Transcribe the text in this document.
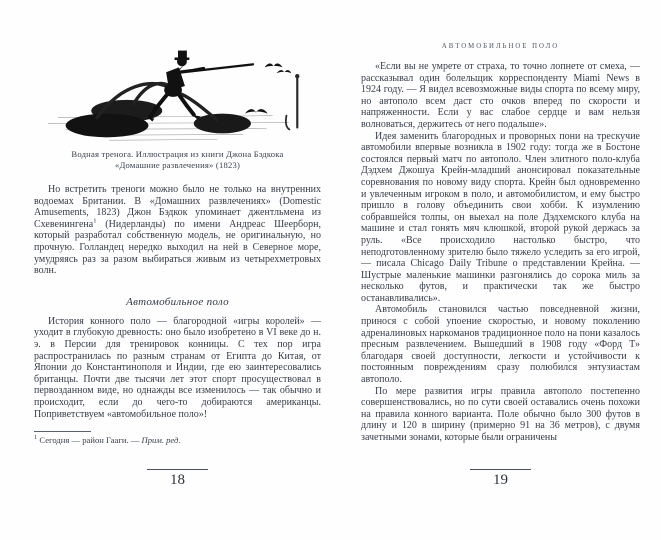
Водная тренога. Иллюстрация из книги Джона Бэдкока
«Домашние развлечения» (1823)

Но встретить треноги можно было не только на внутренних водоемах Британии. В «Домашних развлечениях» (Domestic Amusements, 1823) Джон Бэдкок упоминает джентльмена из Схевенингена$^1$ (Нидерланды) по имени Андреас Шеерборн, который разработал собственную модель, не оригинальную, но прочную. Голландец нередко выходил на ней в Северное море, умудряясь раз за разом выбираться живым из четырехметровых волн.

Автомобильное поло

История конного поло — благородной «игры королей» — уходит в глубокую древность: оно было изобретено в VI веке до н. э. в Персии для тренировок конницы. С тех пор игра распространилась по разным странам от Египта до Китая, от Японии до Константинополя и Индии, где ею заинтересовались британцы. Почти две тысячи лет этот спорт просуществовал в первозданном виде, но однажды все изменилось — так обычно и происходит, если до чего-то добираются американцы. Поприветствуем «автомобильное поло»!

$^1$ Сегодня — район Гааги. — Прим. ред.
18
АВТОМОБИЛЬНОЕ ПОЛО

«Если вы не умрете от страха, то точно лопнете от смеха, — рассказывал один болельщик корреспонденту Miami News в 1924 году. — Я видел всевозможные виды спорта по всему миру, но автополо всем даст сто очков вперед по скорости и напряженности. Если у вас слабое сердце и вам нельзя волноваться, держитесь от него подальше».

Идея заменить благородных и проворных пони на трескучие автомобили впервые возникла в 1902 году: тогда же в Бостоне состоялся первый матч по автополо. Член элитного поло-клуба Дэдхем Джошуа Крейн-младший анонсировал показательные соревнования по новому виду спорта. Крейн был одновременно и увлеченным игроком в поло, и автомобилистом, и ему быстро пришло в голову объединить свои хобби. К изумлению собравшейся толпы, он выехал на поле Дэдхемского клуба на машине и стал гонять мяч клюшкой, второй рукой держась за руль. «Все происходило настолько быстро, что неподготовленному зрителю было тяжело уследить за его игрой, — писала Chicago Daily Tribune о представлении Крейна. — Шустрые маленькие машинки разгонялись до сорока миль за несколько футов, и практически так же быстро останавливались».

Автомобиль становился частью повседневной жизни, принося с собой упоение скоростью, и новому поколению адреналиновых наркоманов традиционное поло на пони казалось пресным развлечением. Вышедший в 1908 году «Форд Т» благодаря своей доступности, легкости и устойчивости к постоянным повреждениям сразу полюбился энтузиастам автополо.

По мере развития игры правила автополо постепенно совершенствовались, но по сути своей оставались очень похожи на правила конного варианта. Поле обычно было 300 футов в длину и 120 в ширину (примерно 91 на 36 метров), с двумя зачетными зонами, которые были ограничены

19
